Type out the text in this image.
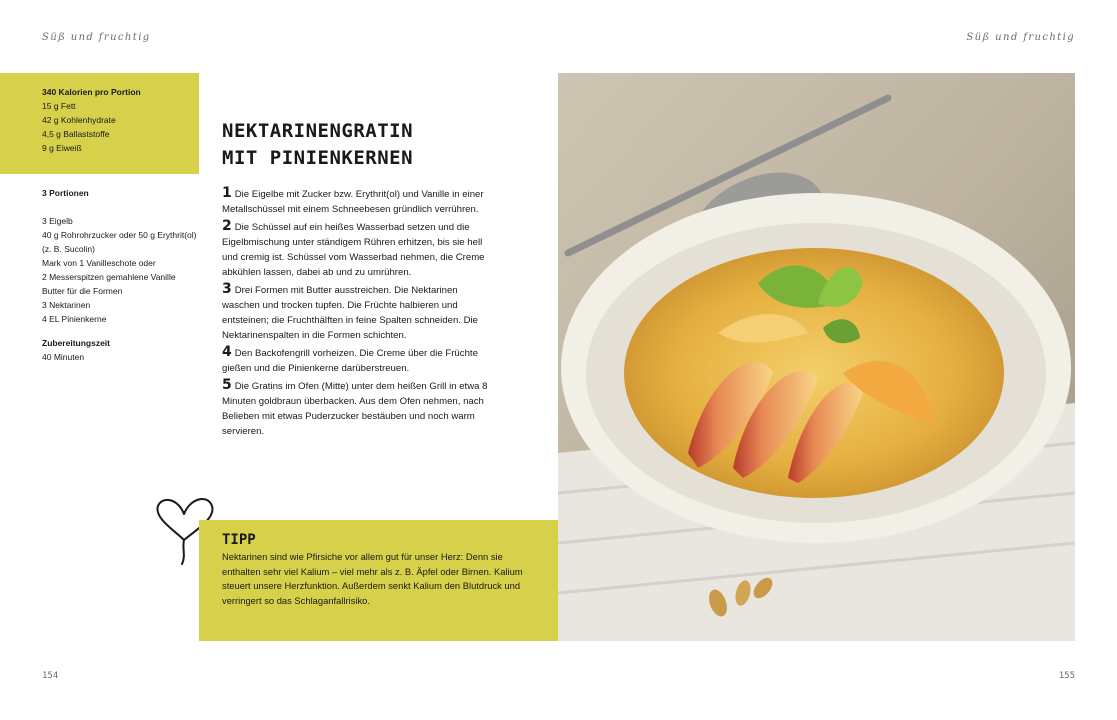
Süß und fruchtig	Süß und fruchtig
340 Kalorien pro Portion
15 g Fett
42 g Kohlenhydrate
4,5 g Ballaststoffe
9 g Eiweiß
3 Portionen
3 Eigelb
40 g Rohrohrzucker oder 50 g Erythrit(ol)
(z. B. Sucolin)
Mark von 1 Vanilleschote oder
2 Messerspitzen gemahlene Vanille
Butter für die Formen
3 Nektarinen
4 EL Pinienkerne
Zubereitungszeit
40 Minuten
NEKTARINENGRATIN
MIT PINIENKERNEN
1 Die Eigelbe mit Zucker bzw. Erythrit(ol) und Vanille in einer Metallschüssel mit einem Schneebesen gründlich verrühren.
2 Die Schüssel auf ein heißes Wasserbad setzen und die Eigelbmischung unter ständigem Rühren erhitzen, bis sie hell und cremig ist. Schüssel vom Wasserbad nehmen, die Creme abkühlen lassen, dabei ab und zu umrühren.
3 Drei Formen mit Butter ausstreichen. Die Nektarinen waschen und trocken tupfen. Die Früchte halbieren und entsteinen; die Fruchthälften in feine Spalten schneiden. Die Nektarinenspalten in die Formen schichten.
4 Den Backofengrill vorheizen. Die Creme über die Früchte gießen und die Pinienkerne darüberstreuen.
5 Die Gratins im Ofen (Mitte) unter dem heißen Grill in etwa 8 Minuten goldbraun überbacken. Aus dem Ofen nehmen, nach Belieben mit etwas Puderzucker bestäuben und noch warm servieren.
TIPP
Nektarinen sind wie Pfirsiche vor allem gut für unser Herz: Denn sie enthalten sehr viel Kalium – viel mehr als z. B. Äpfel oder Birnen. Kalium steuert unsere Herzfunktion. Außerdem senkt Kalium den Blutdruck und verringert so das Schlaganfallrisiko.
154	155
